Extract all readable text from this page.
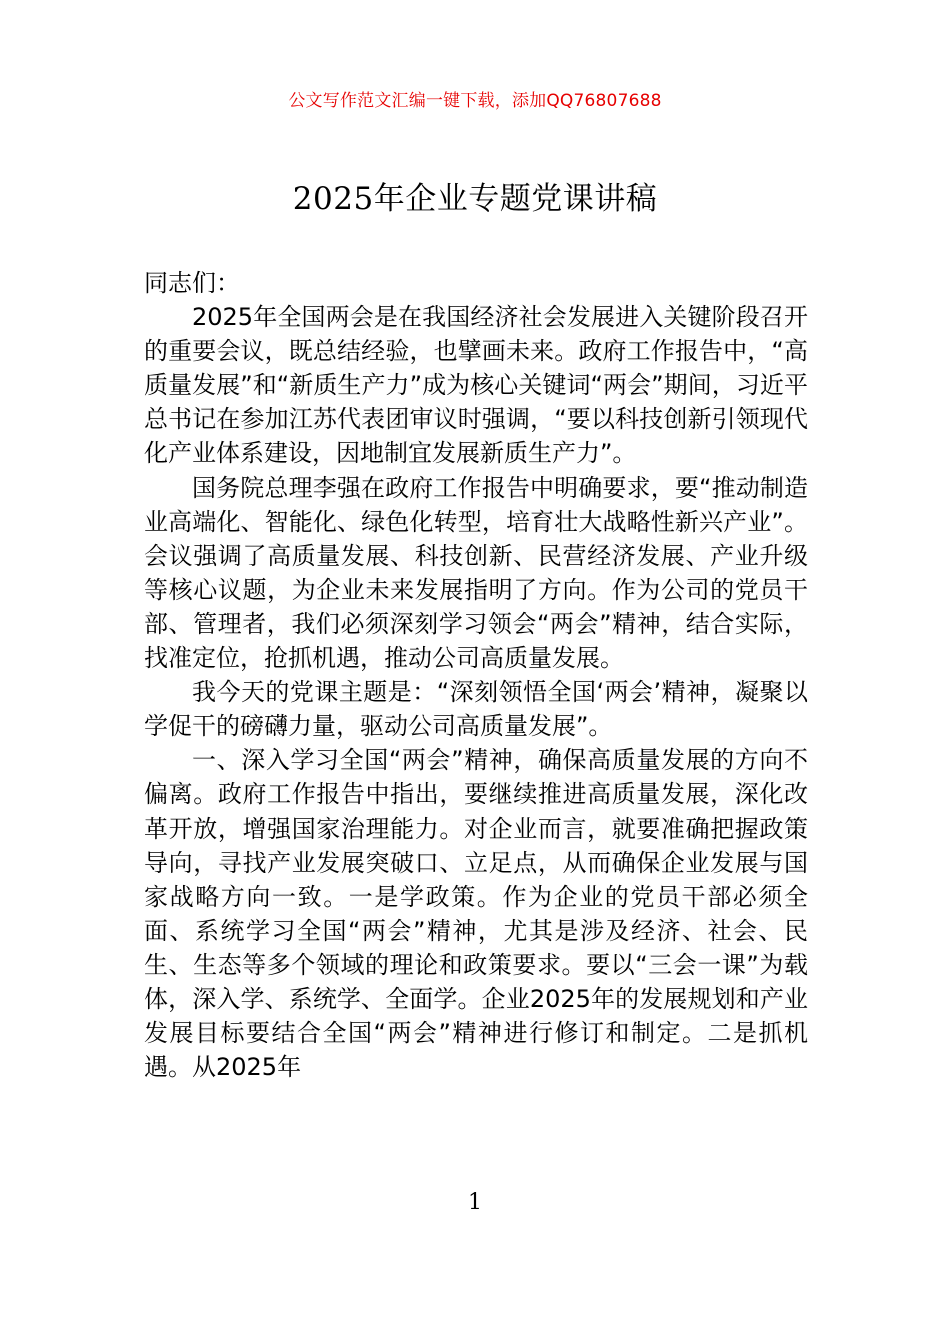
公文写作范文汇编一键下载，添加QQ76807688
2025年企业专题党课讲稿

同志们：

2025年全国两会是在我国经济社会发展进入关键阶段召开的重要会议，既总结经验，也擘画未来。政府工作报告中，“高质量发展”和“新质生产力”成为核心关键词“两会”期间，习近平总书记在参加江苏代表团审议时强调，“要以科技创新引领现代化产业体系建设，因地制宜发展新质生产力”。

国务院总理李强在政府工作报告中明确要求，要“推动制造业高端化、智能化、绿色化转型，培育壮大战略性新兴产业”。会议强调了高质量发展、科技创新、民营经济发展、产业升级等核心议题，为企业未来发展指明了方向。作为公司的党员干部、管理者，我们必须深刻学习领会“两会”精神，结合实际，找准定位，抢抓机遇，推动公司高质量发展。

我今天的党课主题是：“深刻领悟全国‘两会’精神，凝聚以学促干的磅礴力量，驱动公司高质量发展”。

一、深入学习全国“两会”精神，确保高质量发展的方向不偏离。政府工作报告中指出，要继续推进高质量发展，深化改革开放，增强国家治理能力。对企业而言，就要准确把握政策导向，寻找产业发展突破口、立足点，从而确保企业发展与国家战略方向一致。一是学政策。作为企业的党员干部必须全面、系统学习全国“两会”精神，尤其是涉及经济、社会、民生、生态等多个领域的理论和政策要求。要以“三会一课”为载体，深入学、系统学、全面学。企业2025年的发展规划和产业发展目标要结合全国“两会”精神进行修订和制定。二是抓机遇。从2025年

1
